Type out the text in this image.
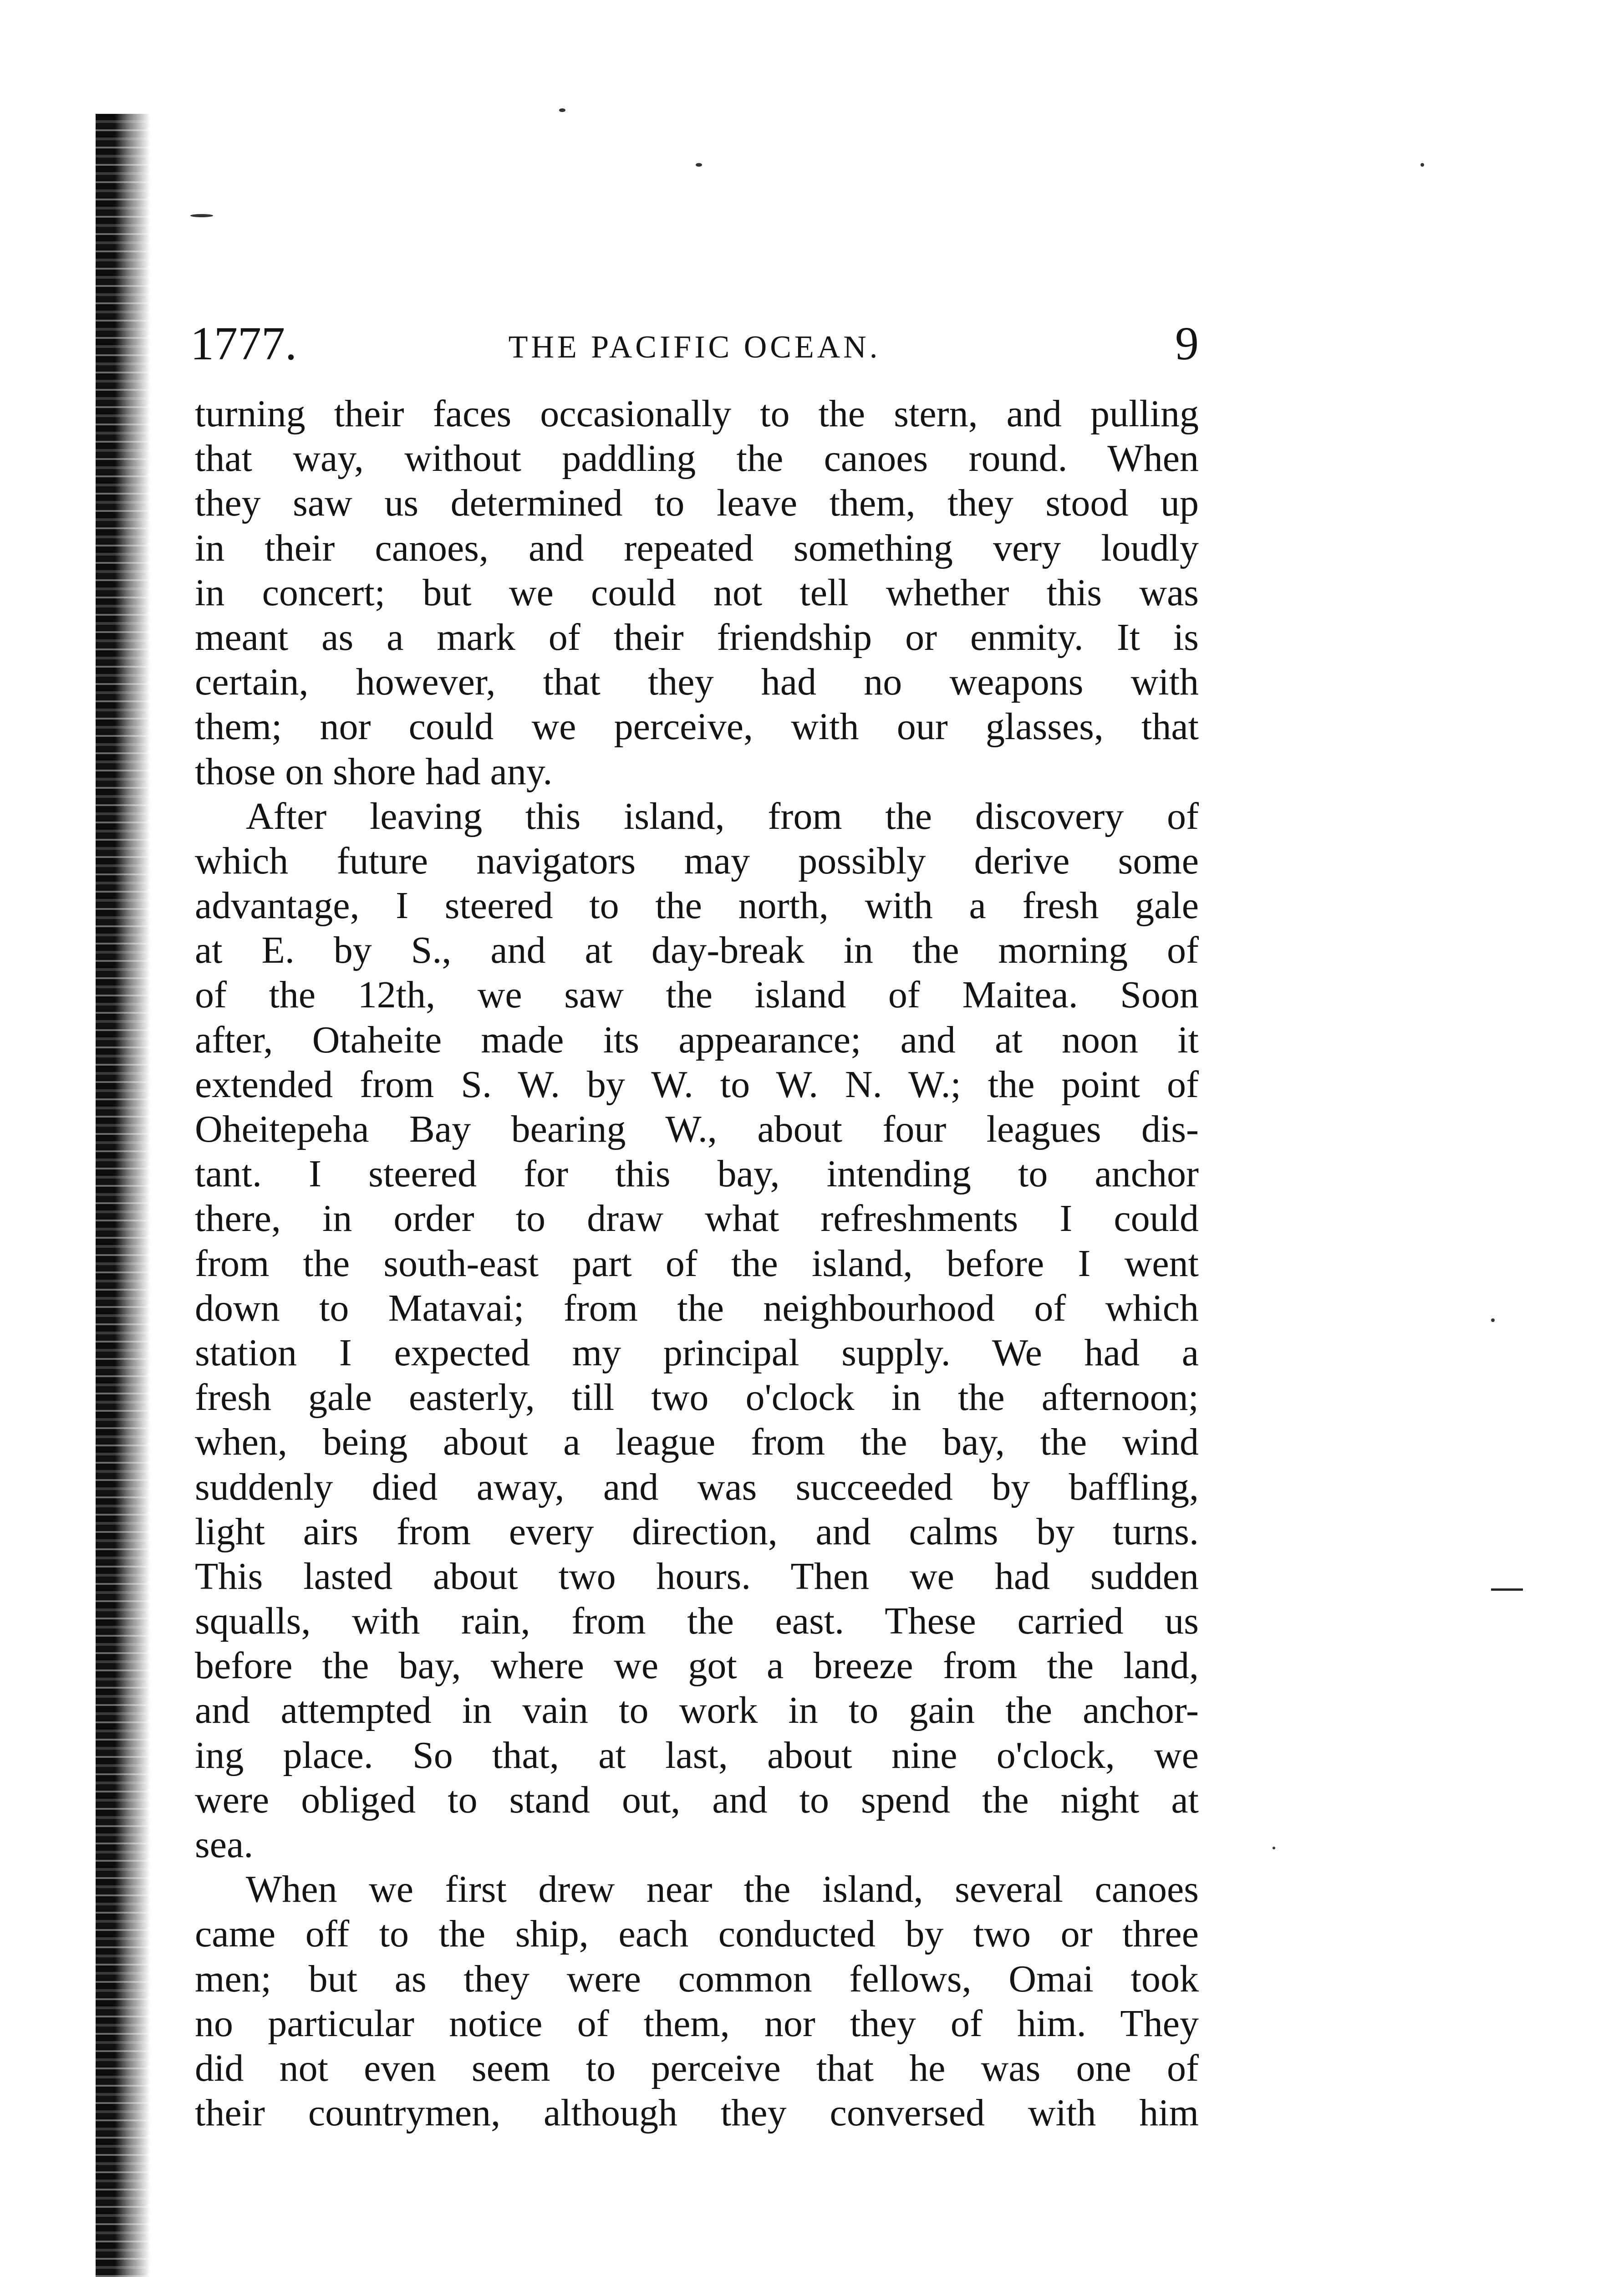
1777.	THE PACIFIC OCEAN.	9
turning their faces occasionally to the stern, and pulling
that way, without paddling the canoes round. When
they saw us determined to leave them, they stood up
in their canoes, and repeated something very loudly
in concert; but we could not tell whether this was
meant as a mark of their friendship or enmity. It is
certain, however, that they had no weapons with
them; nor could we perceive, with our glasses, that
those on shore had any.
After leaving this island, from the discovery of
which future navigators may possibly derive some
advantage, I steered to the north, with a fresh gale
at E. by S., and at day-break in the morning of
of the 12th, we saw the island of Maitea. Soon
after, Otaheite made its appearance; and at noon it
extended from S. W. by W. to W. N. W.; the point of
Oheitepeha Bay bearing W., about four leagues dis-
tant. I steered for this bay, intending to anchor
there, in order to draw what refreshments I could
from the south-east part of the island, before I went
down to Matavai; from the neighbourhood of which
station I expected my principal supply. We had a
fresh gale easterly, till two o'clock in the afternoon;
when, being about a league from the bay, the wind
suddenly died away, and was succeeded by baffling,
light airs from every direction, and calms by turns.
This lasted about two hours. Then we had sudden
squalls, with rain, from the east. These carried us
before the bay, where we got a breeze from the land,
and attempted in vain to work in to gain the anchor-
ing place. So that, at last, about nine o'clock, we
were obliged to stand out, and to spend the night at
sea.
When we first drew near the island, several canoes
came off to the ship, each conducted by two or three
men; but as they were common fellows, Omai took
no particular notice of them, nor they of him. They
did not even seem to perceive that he was one of
their countrymen, although they conversed with him
